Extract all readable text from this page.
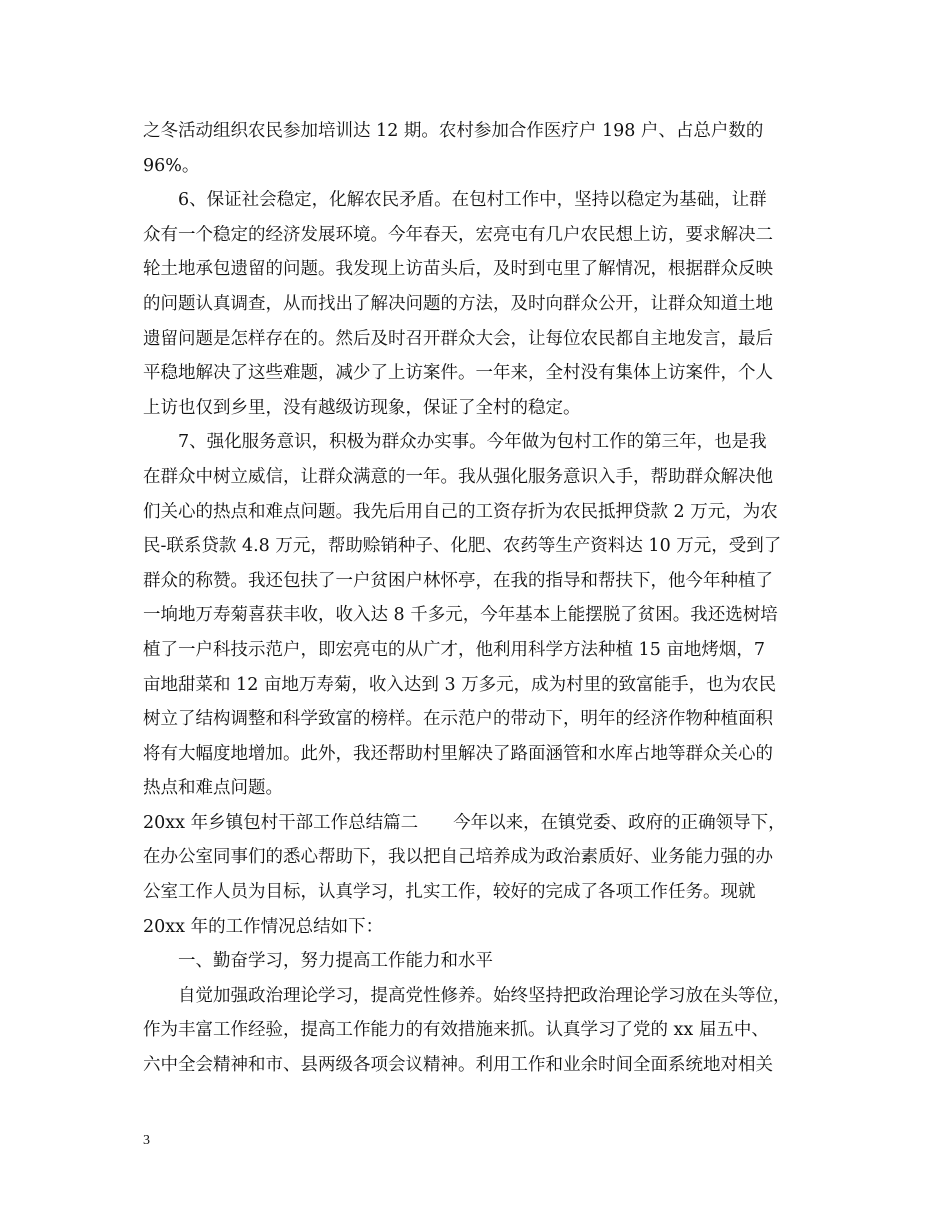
之冬活动组织农民参加培训达 12 期。农村参加合作医疗户 198 户、占总户数的
96%。
6、保证社会稳定，化解农民矛盾。在包村工作中，坚持以稳定为基础，让群
众有一个稳定的经济发展环境。今年春天，宏亮屯有几户农民想上访，要求解决二
轮土地承包遗留的问题。我发现上访苗头后，及时到屯里了解情况，根据群众反映
的问题认真调查，从而找出了解决问题的方法，及时向群众公开，让群众知道土地
遗留问题是怎样存在的。然后及时召开群众大会，让每位农民都自主地发言，最后
平稳地解决了这些难题，减少了上访案件。一年来，全村没有集体上访案件，个人
上访也仅到乡里，没有越级访现象，保证了全村的稳定。
7、强化服务意识，积极为群众办实事。今年做为包村工作的第三年，也是我
在群众中树立威信，让群众满意的一年。我从强化服务意识入手，帮助群众解决他
们关心的热点和难点问题。我先后用自己的工资存折为农民抵押贷款 2 万元，为农
民-联系贷款 4.8 万元，帮助赊销种子、化肥、农药等生产资料达 10 万元，受到了
群众的称赞。我还包扶了一户贫困户林怀亭，在我的指导和帮扶下，他今年种植了
一垧地万寿菊喜获丰收，收入达 8 千多元，今年基本上能摆脱了贫困。我还选树培
植了一户科技示范户，即宏亮屯的从广才，他利用科学方法种植 15 亩地烤烟，7
亩地甜菜和 12 亩地万寿菊，收入达到 3 万多元，成为村里的致富能手，也为农民
树立了结构调整和科学致富的榜样。在示范户的带动下，明年的经济作物种植面积
将有大幅度地增加。此外，我还帮助村里解决了路面涵管和水库占地等群众关心的
热点和难点问题。
20xx 年乡镇包村干部工作总结篇二　　今年以来，在镇党委、政府的正确领导下，
在办公室同事们的悉心帮助下，我以把自己培养成为政治素质好、业务能力强的办
公室工作人员为目标，认真学习，扎实工作，较好的完成了各项工作任务。现就
20xx 年的工作情况总结如下：
一、勤奋学习，努力提高工作能力和水平
自觉加强政治理论学习，提高党性修养。始终坚持把政治理论学习放在头等位，
作为丰富工作经验，提高工作能力的有效措施来抓。认真学习了党的 xx 届五中、
六中全会精神和市、县两级各项会议精神。利用工作和业余时间全面系统地对相关
3
